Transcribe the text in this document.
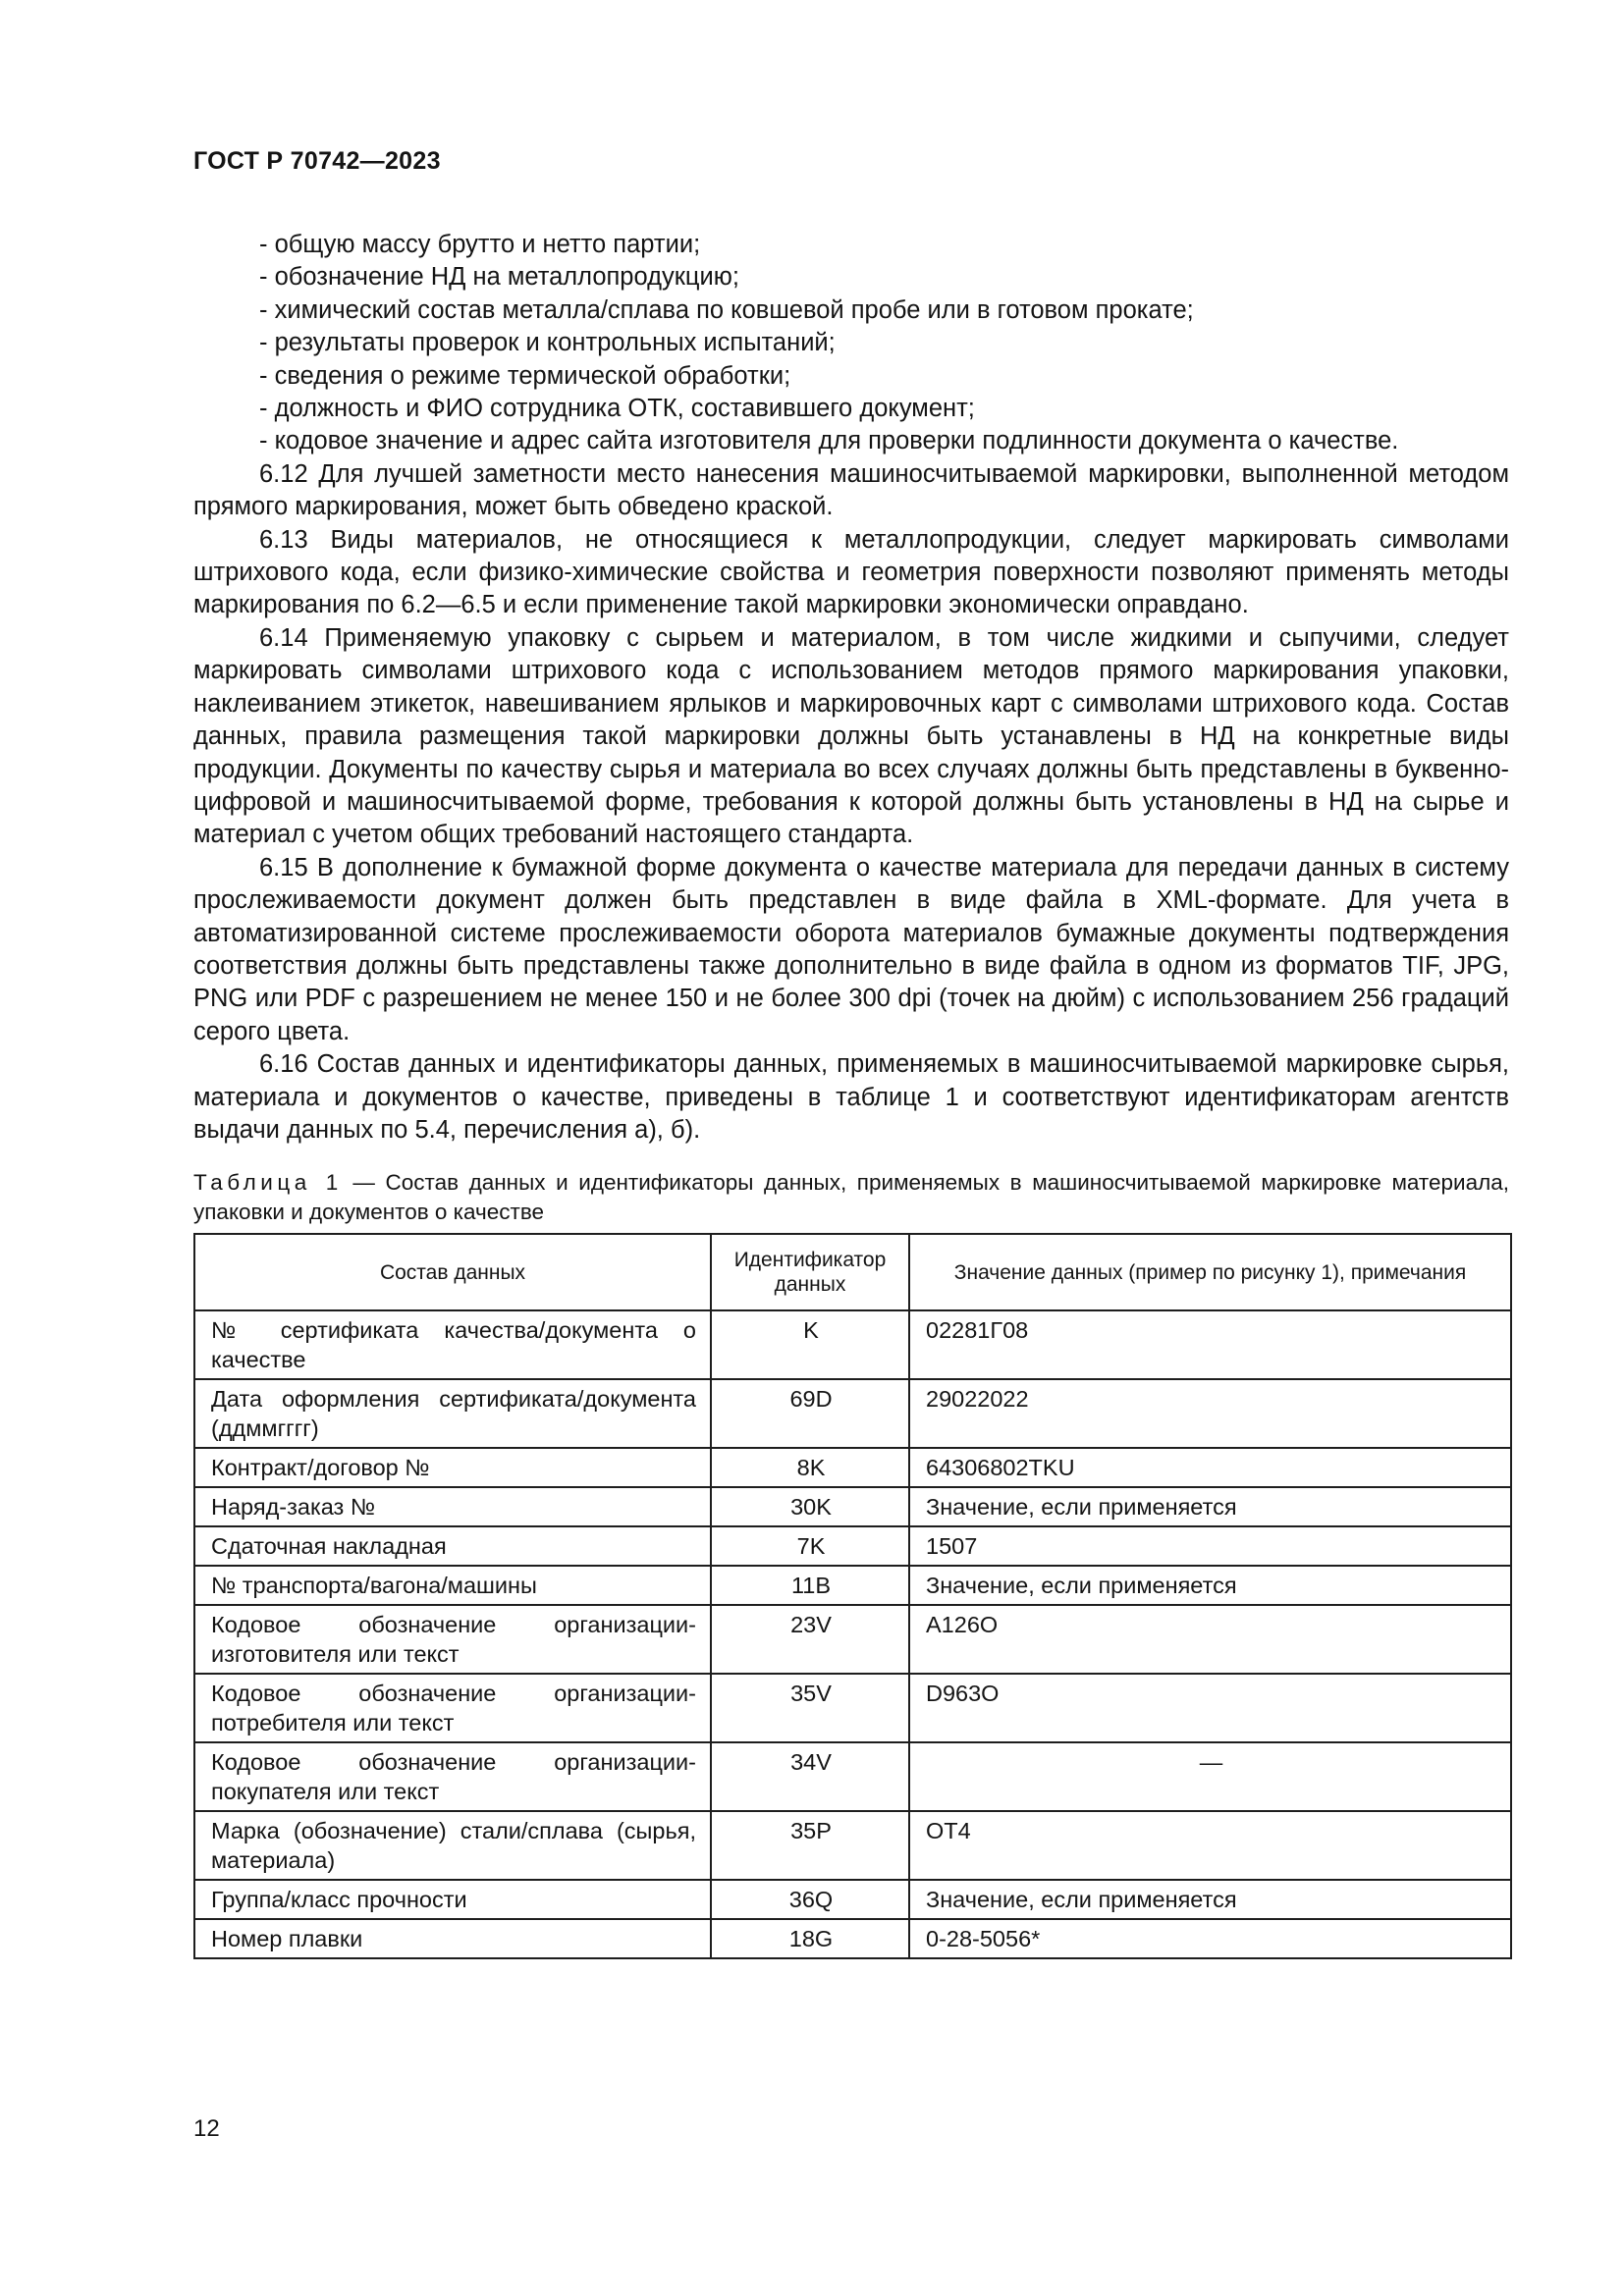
ГОСТ Р 70742—2023

- общую массу брутто и нетто партии;

- обозначение НД на металлопродукцию;

- химический состав металла/сплава по ковшевой пробе или в готовом прокате;

- результаты проверок и контрольных испытаний;

- сведения о режиме термической обработки;

- должность и ФИО сотрудника ОТК, составившего документ;

- кодовое значение и адрес сайта изготовителя для проверки подлинности документа о качестве.

6.12 Для лучшей заметности место нанесения машиносчитываемой маркировки, выполненной методом прямого маркирования, может быть обведено краской.

6.13 Виды материалов, не относящиеся к металлопродукции, следует маркировать символами штрихового кода, если физико-химические свойства и геометрия поверхности позволяют применять методы маркирования по 6.2—6.5 и если применение такой маркировки экономически оправдано.

6.14 Применяемую упаковку с сырьем и материалом, в том числе жидкими и сыпучими, следует маркировать символами штрихового кода с использованием методов прямого маркирования упаковки, наклеиванием этикеток, навешиванием ярлыков и маркировочных карт с символами штрихового кода. Состав данных, правила размещения такой маркировки должны быть устанавлены в НД на конкретные виды продукции. Документы по качеству сырья и материала во всех случаях должны быть представлены в буквенно-цифровой и машиносчитываемой форме, требования к которой должны быть установлены в НД на сырье и материал с учетом общих требований настоящего стандарта.

6.15 В дополнение к бумажной форме документа о качестве материала для передачи данных в систему прослеживаемости документ должен быть представлен в виде файла в XML-формате. Для учета в автоматизированной системе прослеживаемости оборота материалов бумажные документы подтверждения соответствия должны быть представлены также дополнительно в виде файла в одном из форматов TIF, JPG, PNG или PDF с разрешением не менее 150 и не более 300 dpi (точек на дюйм) с использованием 256 градаций серого цвета.

6.16 Состав данных и идентификаторы данных, применяемых в машиносчитываемой маркировке сырья, материала и документов о качестве, приведены в таблице 1 и соответствуют идентификаторам агентств выдачи данных по 5.4, перечисления а), б).

Таблица 1 — Состав данных и идентификаторы данных, применяемых в машиносчитываемой маркировке материала, упаковки и документов о качестве
Состав данных	Идентификатор данных	Значение данных (пример по рисунку 1), примечания
№ сертификата качества/документа о качестве	K	02281Г08
Дата оформления сертификата/документа (ддммгггг)	69D	29022022
Контракт/договор №	8K	64306802TKU
Наряд-заказ №	30K	Значение, если применяется
Сдаточная накладная	7K	1507
№ транспорта/вагона/машины	11B	Значение, если применяется
Кодовое обозначение организации-изготовителя или текст	23V	А126О
Кодовое обозначение организации-потребителя или текст	35V	D963О
Кодовое обозначение организации-покупателя или текст	34V	—
Марка (обозначение) стали/сплава (сырья, материала)	35P	ОТ4
Группа/класс прочности	36Q	Значение, если применяется
Номер плавки	18G	0-28-5056*
12
